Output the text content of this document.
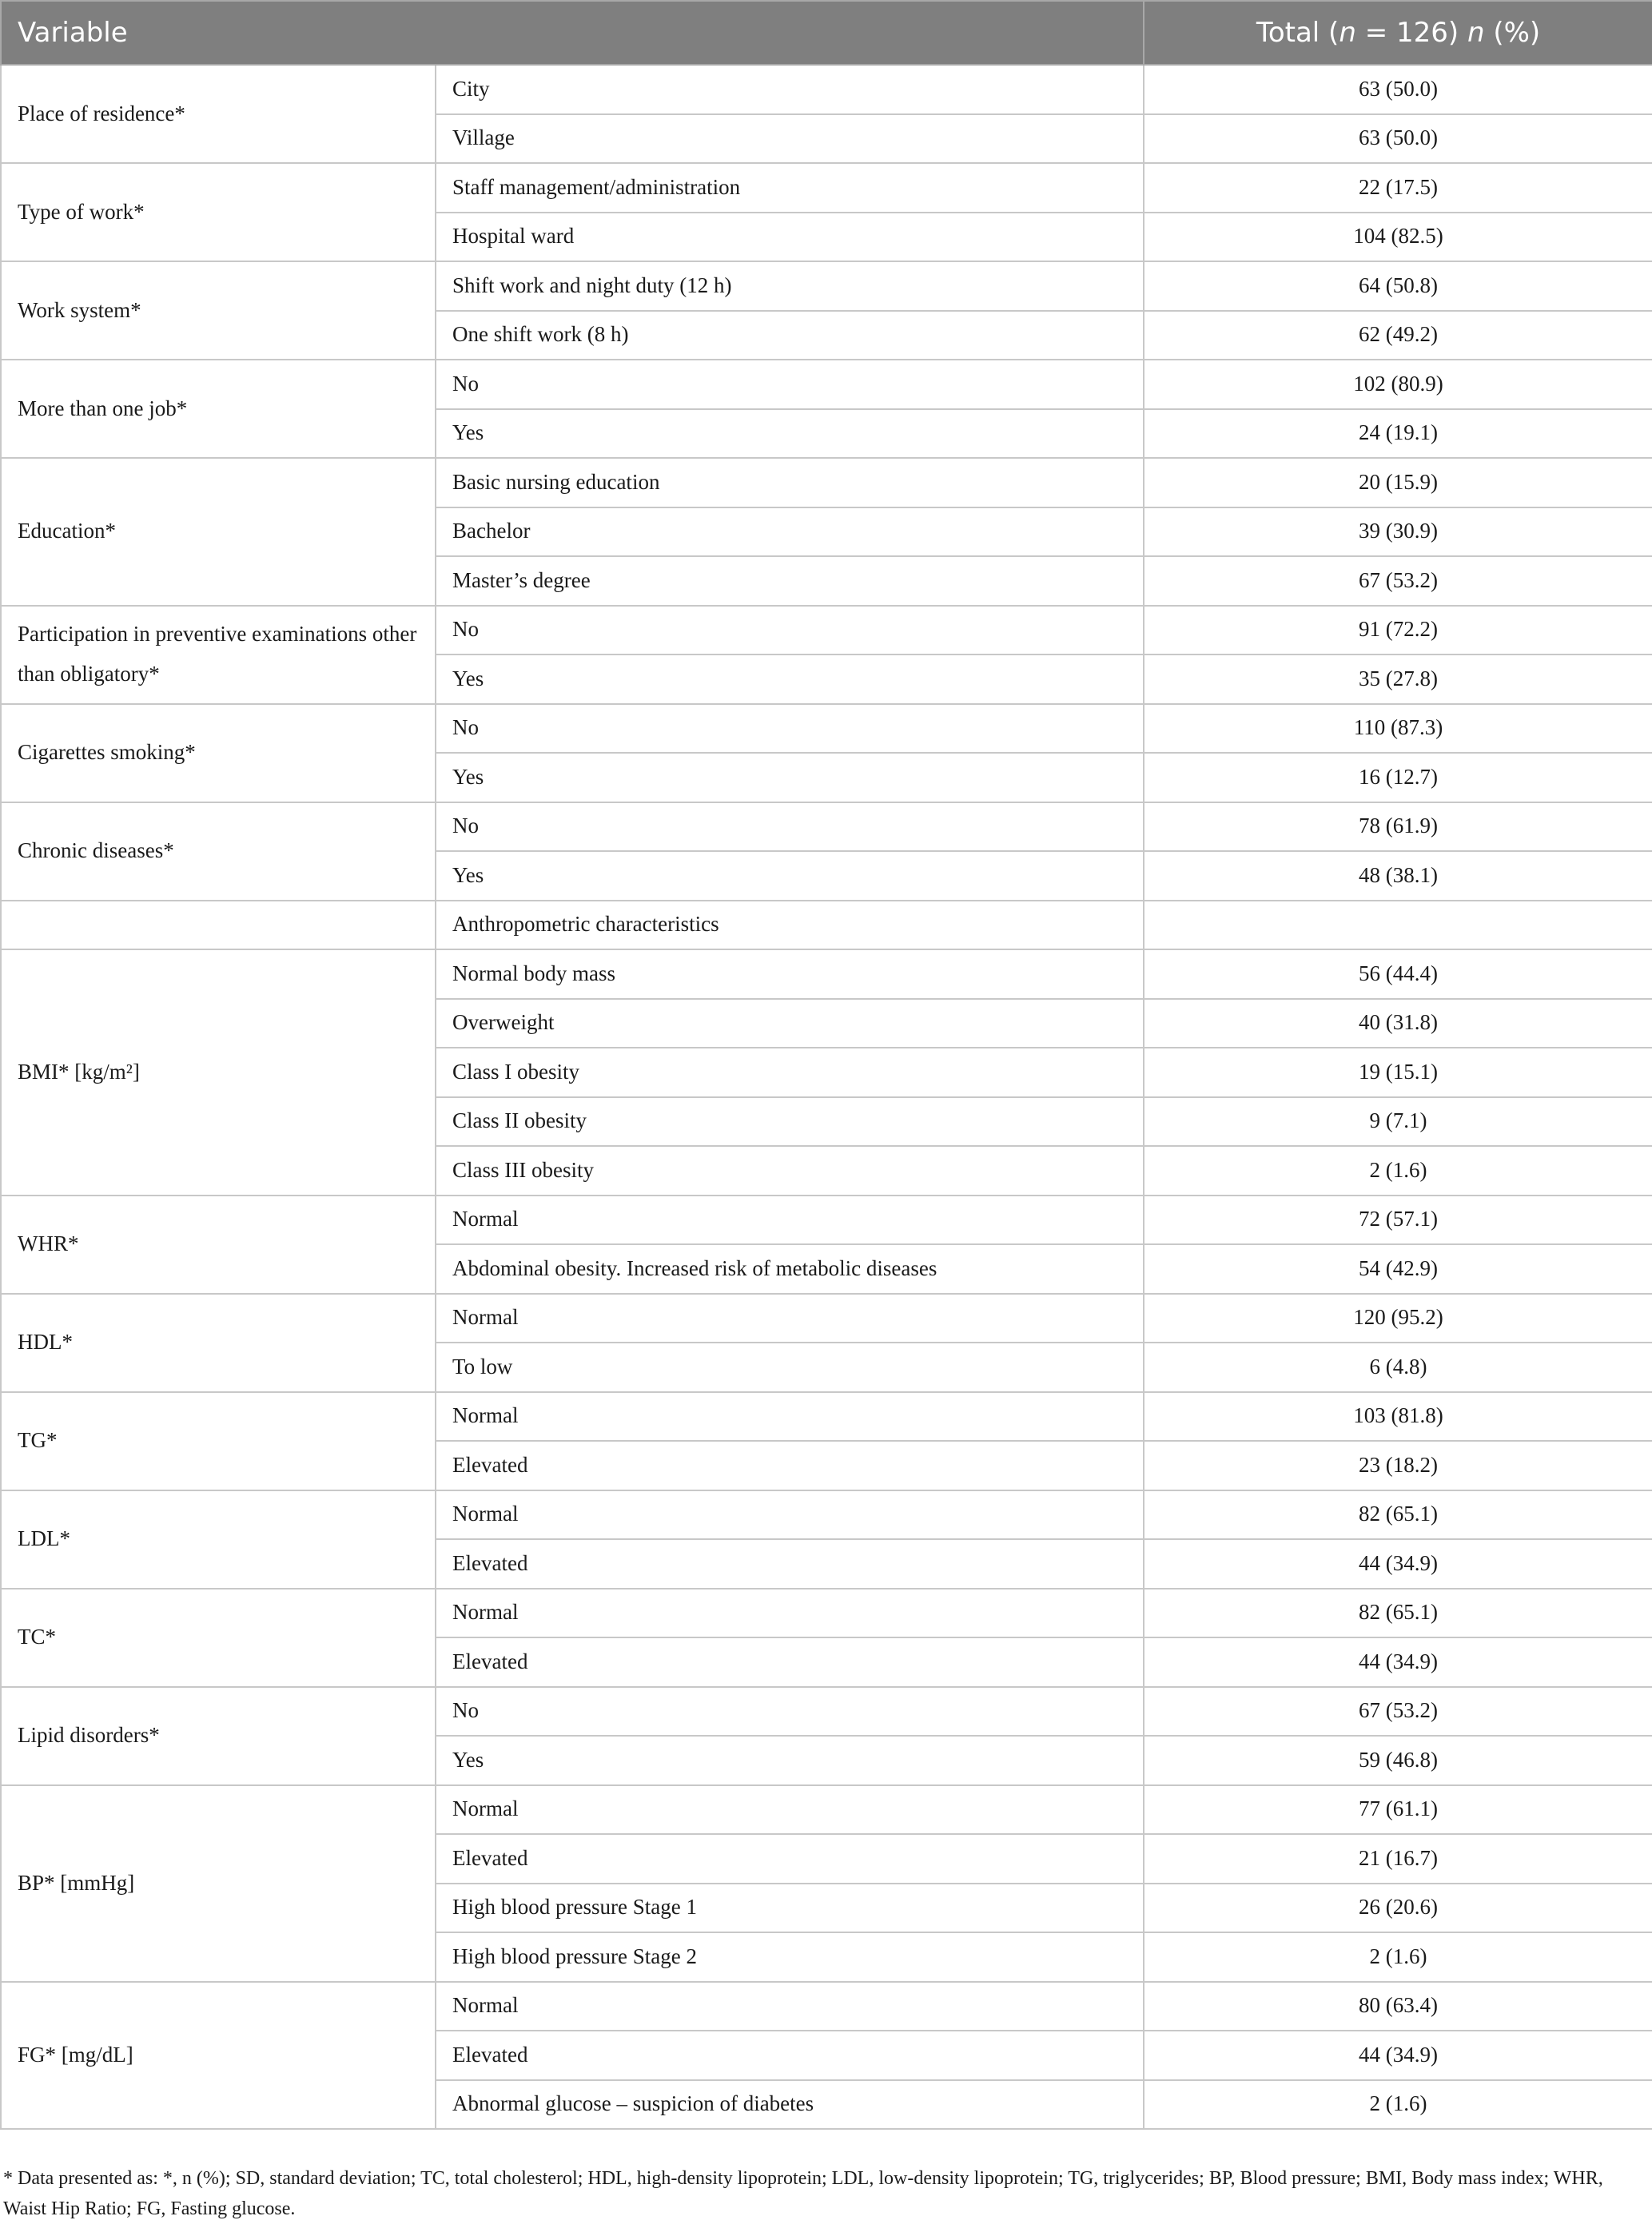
Variable		Total (n = 126) n (%)
Place of residence*	City	63 (50.0)
	Village	63 (50.0)
Type of work*	Staff management/administration	22 (17.5)
	Hospital ward	104 (82.5)
Work system*	Shift work and night duty (12 h)	64 (50.8)
	One shift work (8 h)	62 (49.2)
More than one job*	No	102 (80.9)
	Yes	24 (19.1)
Education*	Basic nursing education	20 (15.9)
	Bachelor	39 (30.9)
	Master’s degree	67 (53.2)
Participation in preventive examinations other than obligatory*	No	91 (72.2)
	Yes	35 (27.8)
Cigarettes smoking*	No	110 (87.3)
	Yes	16 (12.7)
Chronic diseases*	No	78 (61.9)
	Yes	48 (38.1)
	Anthropometric characteristics	
BMI* [kg/m²]	Normal body mass	56 (44.4)
	Overweight	40 (31.8)
	Class I obesity	19 (15.1)
	Class II obesity	9 (7.1)
	Class III obesity	2 (1.6)
WHR*	Normal	72 (57.1)
	Abdominal obesity. Increased risk of metabolic diseases	54 (42.9)
HDL*	Normal	120 (95.2)
	To low	6 (4.8)
TG*	Normal	103 (81.8)
	Elevated	23 (18.2)
LDL*	Normal	82 (65.1)
	Elevated	44 (34.9)
TC*	Normal	82 (65.1)
	Elevated	44 (34.9)
Lipid disorders*	No	67 (53.2)
	Yes	59 (46.8)
BP* [mmHg]	Normal	77 (61.1)
	Elevated	21 (16.7)
	High blood pressure Stage 1	26 (20.6)
	High blood pressure Stage 2	2 (1.6)
FG* [mg/dL]	Normal	80 (63.4)
	Elevated	44 (34.9)
	Abnormal glucose – suspicion of diabetes	2 (1.6)
* Data presented as: *, n (%); SD, standard deviation; TC, total cholesterol; HDL, high-density lipoprotein; LDL, low-density lipoprotein; TG, triglycerides; BP, Blood pressure; BMI, Body mass index; WHR, Waist Hip Ratio; FG, Fasting glucose.
